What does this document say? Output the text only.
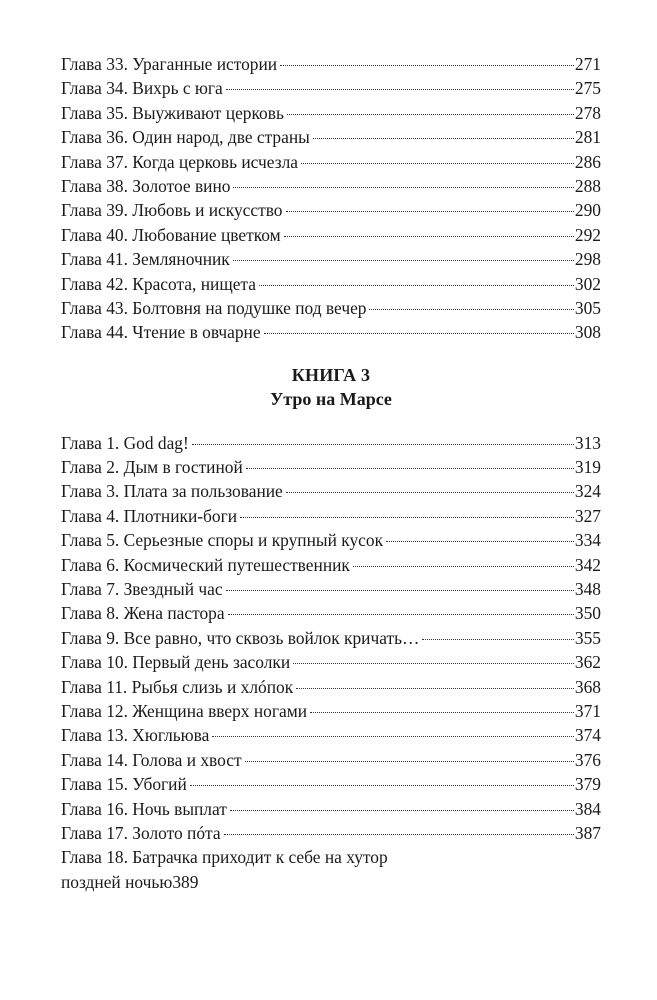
Глава 33. Ураганные истории	271
Глава 34. Вихрь с юга	275
Глава 35. Выуживают церковь	278
Глава 36. Один народ, две страны	281
Глава 37. Когда церковь исчезла	286
Глава 38. Золотое вино	288
Глава 39. Любовь и искусство	290
Глава 40. Любование цветком	292
Глава 41. Земляночник	298
Глава 42. Красота, нищета	302
Глава 43. Болтовня на подушке под вечер	305
Глава 44. Чтение в овчарне	308
КНИГА 3
Утро на Марсе
Глава 1. God dag!	313
Глава 2. Дым в гостиной	319
Глава 3. Плата за пользование	324
Глава 4. Плотники-боги	327
Глава 5. Серьезные споры и крупный кусок	334
Глава 6. Космический путешественник	342
Глава 7. Звездный час	348
Глава 8. Жена пастора	350
Глава 9. Все равно, что сквозь войлок кричать…	355
Глава 10. Первый день засолки	362
Глава 11. Рыбья слизь и хлóпок	368
Глава 12. Женщина вверх ногами	371
Глава 13. Хюгльюва	374
Глава 14. Голова и хвост	376
Глава 15. Убогий	379
Глава 16. Ночь выплат	384
Глава 17. Золото пóта	387
Глава 18. Батрачка приходит к себе на хутор
поздней ночью 389
